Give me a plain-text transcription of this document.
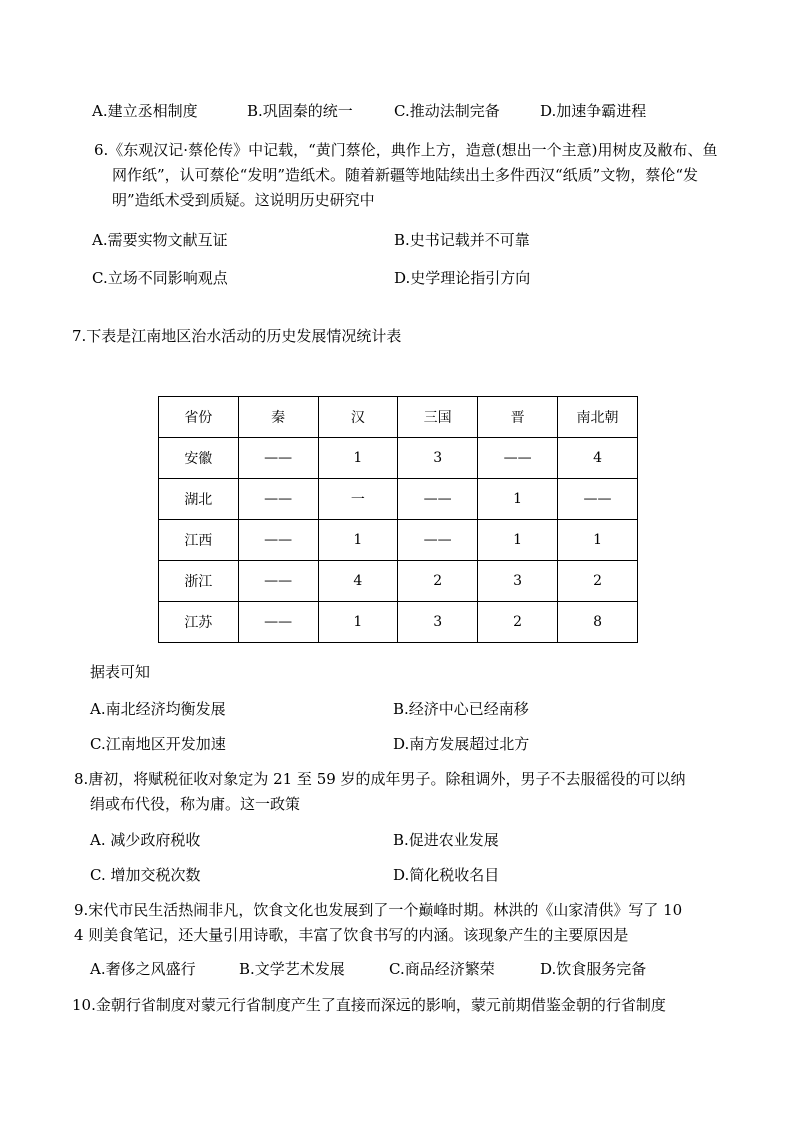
A.建立丞相制度	B.巩固秦的统一	C.推动法制完备	D.加速争霸进程
6.《东观汉记·蔡伦传》中记载，“黄门蔡伦，典作上方，造意(想出一个主意)用树皮及敝布、鱼
网作纸”，认可蔡伦“发明”造纸术。随着新疆等地陆续出土多件西汉“纸质”文物，蔡伦“发
明”造纸术受到质疑。这说明历史研究中
A.需要实物文献互证	B.史书记载并不可靠
C.立场不同影响观点	D.史学理论指引方向
7.下表是江南地区治水活动的历史发展情况统计表
省份	秦	汉	三国	晋	南北朝
安徽	——	1	3	——	4
湖北	——	一	——	1	——
江西	——	1	——	1	1
浙江	——	4	2	3	2
江苏	——	1	3	2	8
据表可知
A.南北经济均衡发展	B.经济中心已经南移
C.江南地区开发加速	D.南方发展超过北方
8.唐初，将赋税征收对象定为 21 至 59 岁的成年男子。除租调外，男子不去服徭役的可以纳
绢或布代役，称为庸。这一政策
A. 减少政府税收	B.促进农业发展
C. 增加交税次数	D.简化税收名目
9.宋代市民生活热闹非凡，饮食文化也发展到了一个巅峰时期。林洪的《山家清供》写了 10
4 则美食笔记，还大量引用诗歌，丰富了饮食书写的内涵。该现象产生的主要原因是
A.奢侈之风盛行	B.文学艺术发展	C.商品经济繁荣	D.饮食服务完备
10.金朝行省制度对蒙元行省制度产生了直接而深远的影响，蒙元前期借鉴金朝的行省制度
